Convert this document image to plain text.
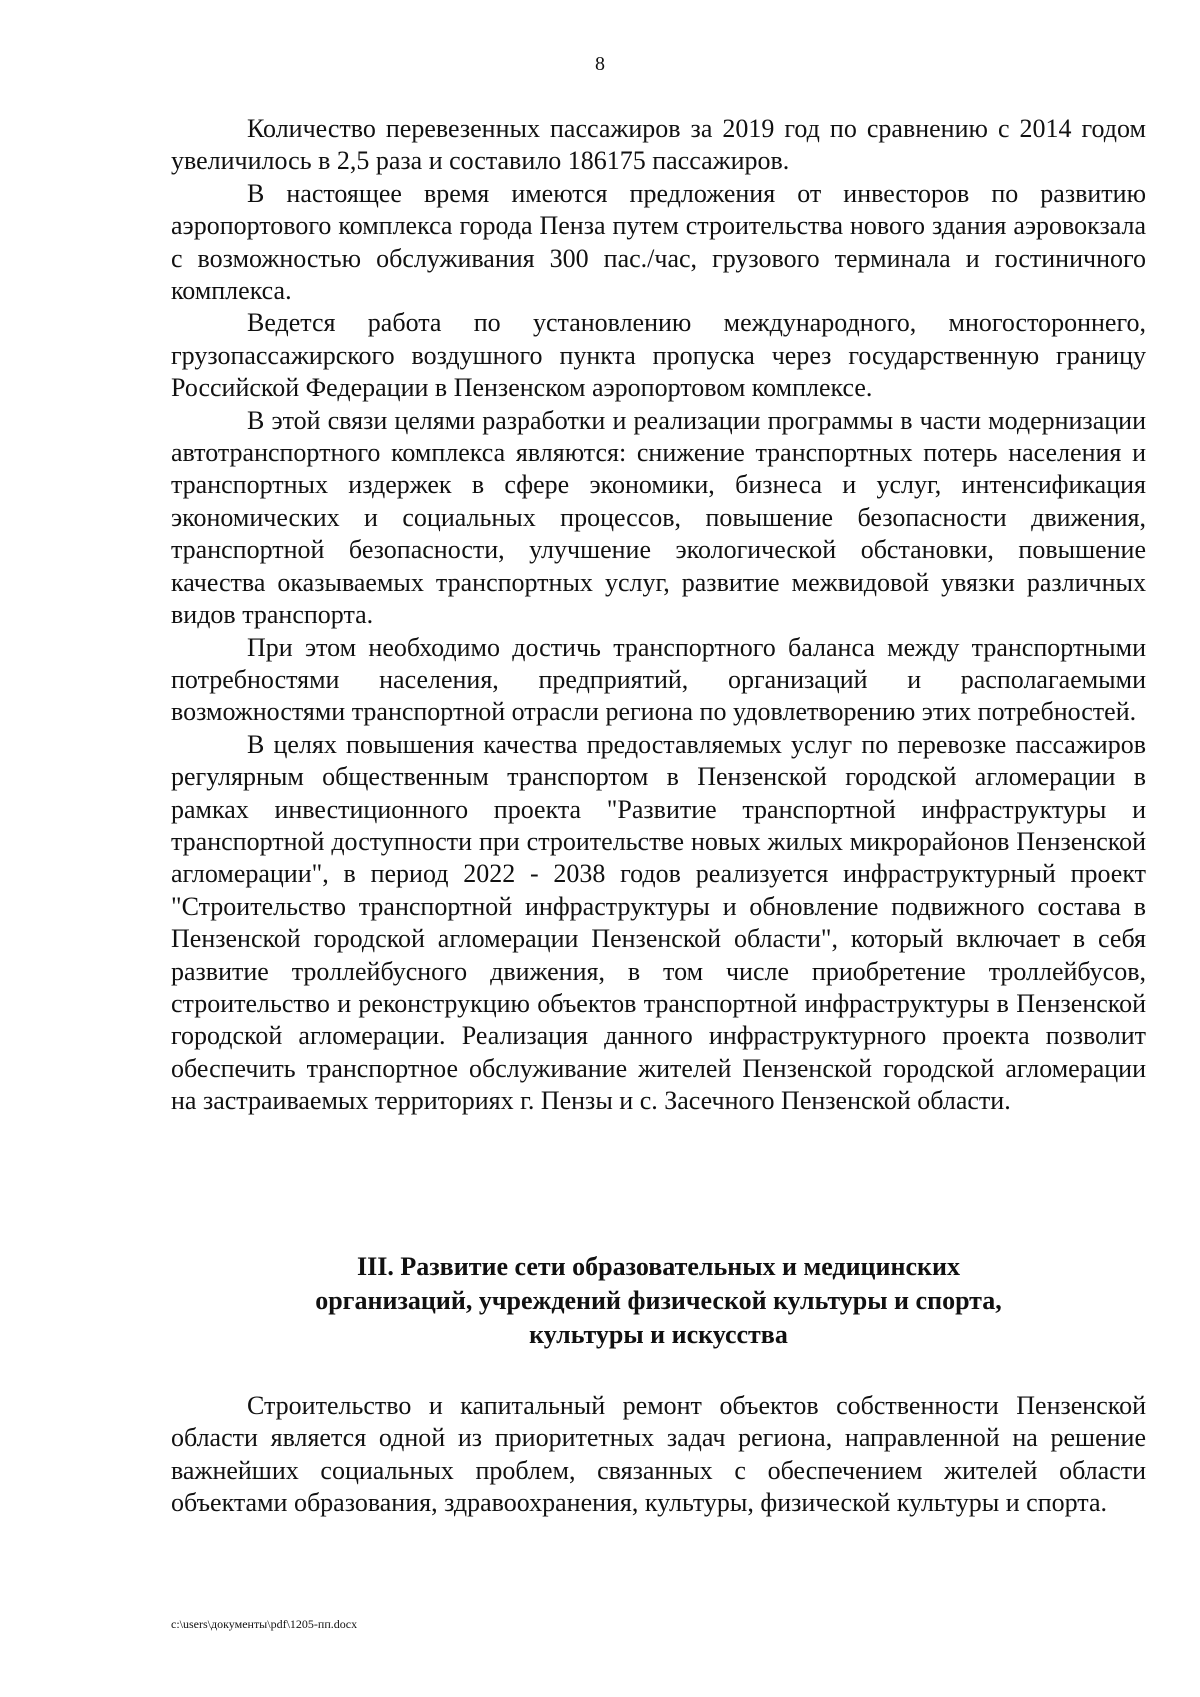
8

Количество перевезенных пассажиров за 2019 год по сравнению с 2014 годом увеличилось в 2,5 раза и составило 186175 пассажиров.

В настоящее время имеются предложения от инвесторов по развитию аэропортового комплекса города Пенза путем строительства нового здания аэровокзала с возможностью обслуживания 300 пас./час, грузового терминала и гостиничного комплекса.

Ведется работа по установлению международного, многостороннего, грузопассажирского воздушного пункта пропуска через государственную границу Российской Федерации в Пензенском аэропортовом комплексе.

В этой связи целями разработки и реализации программы в части модернизации автотранспортного комплекса являются: снижение транспортных потерь населения и транспортных издержек в сфере экономики, бизнеса и услуг, интенсификация экономических и социальных процессов, повышение безопасности движения, транспортной безопасности, улучшение экологической обстановки, повышение качества оказываемых транспортных услуг, развитие межвидовой увязки различных видов транспорта.

При этом необходимо достичь транспортного баланса между транспортными потребностями населения, предприятий, организаций и располагаемыми возможностями транспортной отрасли региона по удовлетворению этих потребностей.

В целях повышения качества предоставляемых услуг по перевозке пассажиров регулярным общественным транспортом в Пензенской городской агломерации в рамках инвестиционного проекта "Развитие транспортной инфраструктуры и транспортной доступности при строительстве новых жилых микрорайонов Пензенской агломерации", в период 2022 - 2038 годов реализуется инфраструктурный проект "Строительство транспортной инфраструктуры и обновление подвижного состава в Пензенской городской агломерации Пензенской области", который включает в себя развитие троллейбусного движения, в том числе приобретение троллейбусов, строительство и реконструкцию объектов транспортной инфраструктуры в Пензенской городской агломерации. Реализация данного инфраструктурного проекта позволит обеспечить транспортное обслуживание жителей Пензенской городской агломерации на застраиваемых территориях г. Пензы и с. Засечного Пензенской области.

III. Развитие сети образовательных и медицинских
организаций, учреждений физической культуры и спорта,
культуры и искусства

Строительство и капитальный ремонт объектов собственности Пензенской области является одной из приоритетных задач региона, направленной на решение важнейших социальных проблем, связанных с обеспечением жителей области объектами образования, здравоохранения, культуры, физической культуры и спорта.

c:\users\документы\pdf\1205-пп.docx
